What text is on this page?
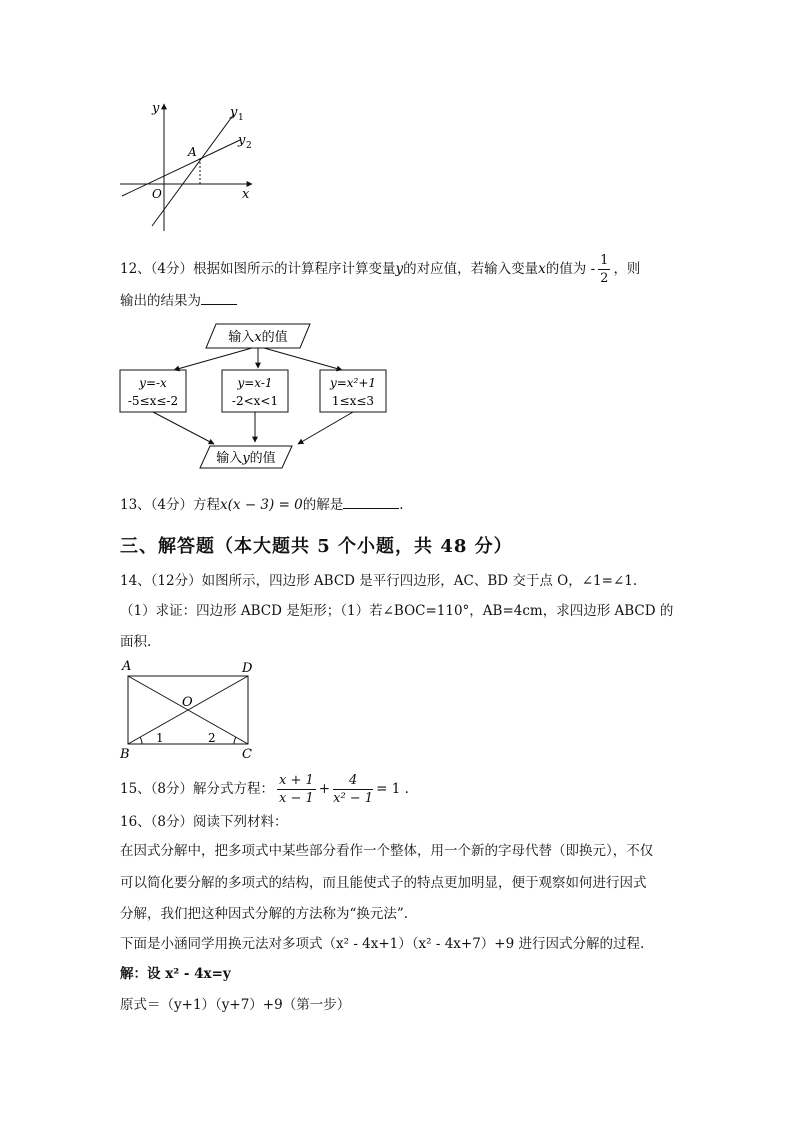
y
x
O
A
y 1
y 2
12、（4分）根据如图所示的计算程序计算变量y的对应值，若输入变量x的值为 - $\frac{1}{2}$ ，则
输出的结果为
输入x的值
y=-x
-5≤x≤-2
y=x-1
-2<x<1
y=x²+1
1≤x≤3
输入y的值
13、（4分）方程x(x − 3) = 0的解是	.
三、解答题（本大题共 5 个小题，共 48 分）
14、（12分）如图所示，四边形 ABCD 是平行四边形，AC、BD 交于点 O，∠1=∠1.
（1）求证：四边形 ABCD 是矩形；（1）若∠BOC=110°，AB=4cm，求四边形 ABCD 的
面积.
A	D
B	C
O
1	2
15、（8分）解分式方程： $\frac{x + 1}{x - 1} + \frac{4}{\text{x² − 1}} = 1$ .
16、（8分）阅读下列材料：
在因式分解中，把多项式中某些部分看作一个整体，用一个新的字母代替（即换元），不仅
可以简化要分解的多项式的结构，而且能使式子的特点更加明显，便于观察如何进行因式
分解，我们把这种因式分解的方法称为“换元法”.
下面是小涵同学用换元法对多项式（x² - 4x+1）（x² - 4x+7）+9 进行因式分解的过程.
解：设 x² - 4x=y
原式＝（y+1）（y+7）+9（第一步）
